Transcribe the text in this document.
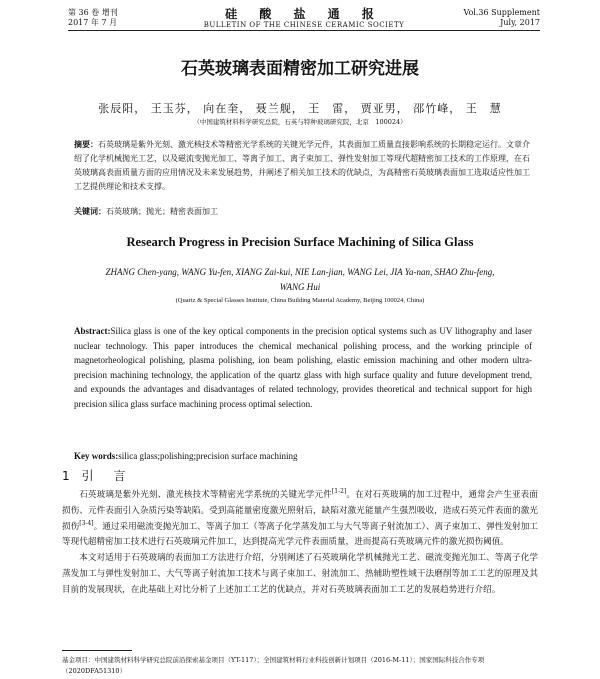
第 36 卷 增刊
2017 年 7 月
硅 酸 盐 通 报
BULLETIN OF THE CHINESE CERAMIC SOCIETY
Vol.36 Supplement
July, 2017
石英玻璃表面精密加工研究进展
张辰阳， 王玉芬， 向在奎， 聂兰舰， 王　雷， 贾亚男， 邵竹峰， 王　慧
（中国建筑材料科学研究总院，石英与特种玻璃研究院，北京　100024）
摘要：石英玻璃是紫外光刻、激光核技术等精密光学系统的关键光学元件，其表面加工质量直接影响系统的长期稳定运行。文章介绍了化学机械抛光工艺，以及磁流变抛光加工、等离子加工、离子束加工、弹性发射加工等现代超精密加工技术的工作原理，在石英玻璃高表面质量方面的应用情况及未来发展趋势，并阐述了相关加工技术的优缺点，为高精密石英玻璃表面加工选取适应性加工工艺提供理论和技术支撑。
关键词：石英玻璃；抛光；精密表面加工
Research Progress in Precision Surface Machining of Silica Glass
ZHANG Chen-yang, WANG Yu-fen, XIANG Zai-kui, NIE Lan-jian, WANG Lei, JIA Ya-nan, SHAO Zhu-feng, WANG Hui
(Quartz & Special Glasses Institute, China Building Material Academy, Beijing 100024, China)
Abstract:Silica glass is one of the key optical components in the precision optical systems such as UV lithography and laser nuclear technology. This paper introduces the chemical mechanical polishing process, and the working principle of magnetorheological polishing, plasma polishing, ion beam polishing, elastic emission machining and other modern ultra-precision machining technology, the application of the quartz glass with high surface quality and future development trend, and expounds the advantages and disadvantages of related technology, provides theoretical and technical support for high precision silica glass surface machining process optimal selection.
Key words:silica glass;polishing;precision surface machining
1 引　言

石英玻璃是紫外光刻、激光核技术等精密光学系统的关键光学元件[1-2]。在对石英玻璃的加工过程中，通常会产生亚表面损伤、元件表面引入杂质污染等缺陷。受到高能量密度激光照射后，缺陷对激光能量产生强烈吸收，造成石英元件表面的激光损伤[3-4]。通过采用磁流变抛光加工、等离子加工（等离子化学蒸发加工与大气等离子射流加工）、离子束加工、弹性发射加工等现代超精密加工技术进行石英玻璃元件加工，达到提高光学元件表面质量，进而提高石英玻璃元件的激光损伤阈值。

本文对适用于石英玻璃的表面加工方法进行介绍，分别阐述了石英玻璃化学机械抛光工艺、磁流变抛光加工、等离子化学蒸发加工与弹性发射加工、大气等离子射流加工技术与离子束加工、射流加工、热辅助塑性域干法磨削等加工工艺的原理及其目前的发展现状，在此基础上对比分析了上述加工工艺的优缺点，并对石英玻璃表面加工工艺的发展趋势进行介绍。

基金项目：中国建筑材料科学研究总院前沿探索基金项目（YT-117）；全国建筑材料行业科技创新计划项目（2016-M-11）；国家国际科技合作专项（2020DFA51310）
